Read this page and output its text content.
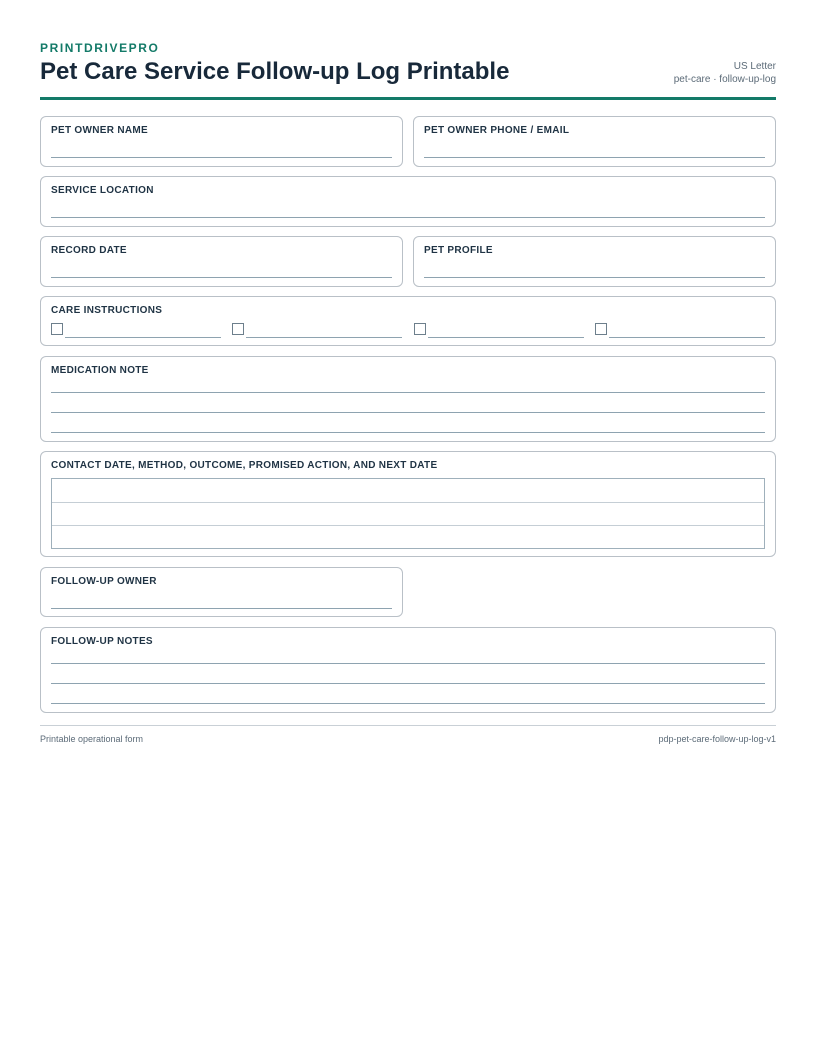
PRINTDRIVEPRO
Pet Care Service Follow-up Log Printable	US Letter
pet-care · follow-up-log
PET OWNER NAME	PET OWNER PHONE / EMAIL
SERVICE LOCATION
RECORD DATE	PET PROFILE
CARE INSTRUCTIONS
MEDICATION NOTE
CONTACT DATE, METHOD, OUTCOME, PROMISED ACTION, AND NEXT DATE
FOLLOW-UP OWNER
FOLLOW-UP NOTES
Printable operational form	pdp-pet-care-follow-up-log-v1
